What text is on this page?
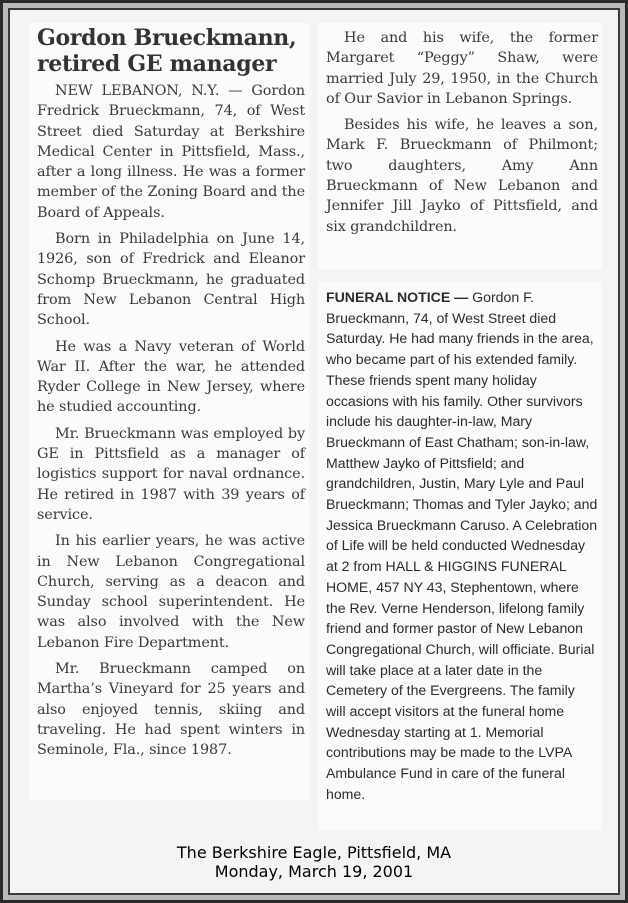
Gordon Brueckmann, retired GE manager

NEW LEBANON, N.Y. — Gordon Fredrick Brueckmann, 74, of West Street died Saturday at Berkshire Medical Center in Pittsfield, Mass., after a long illness. He was a former member of the Zoning Board and the Board of Appeals.

Born in Philadelphia on June 14, 1926, son of Fredrick and Eleanor Schomp Brueckmann, he graduated from New Lebanon Central High School.

He was a Navy veteran of World War II. After the war, he attended Ryder College in New Jersey, where he studied accounting.

Mr. Brueckmann was employed by GE in Pittsfield as a manager of logistics support for naval ordnance. He retired in 1987 with 39 years of service.

In his earlier years, he was active in New Lebanon Congregational Church, serving as a deacon and Sunday school superintendent. He was also involved with the New Lebanon Fire Department.

Mr. Brueckmann camped on Martha’s Vineyard for 25 years and also enjoyed tennis, skiing and traveling. He had spent winters in Seminole, Fla., since 1987.

He and his wife, the former Margaret “Peggy” Shaw, were married July 29, 1950, in the Church of Our Savior in Lebanon Springs.

Besides his wife, he leaves a son, Mark F. Brueckmann of Philmont; two daughters, Amy Ann Brueckmann of New Lebanon and Jennifer Jill Jayko of Pittsfield, and six grandchildren.

FUNERAL NOTICE — Gordon F. Brueckmann, 74, of West Street died Saturday. He had many friends in the area, who became part of his extended family. These friends spent many holiday occasions with his family. Other survivors include his daughter-in-law, Mary Brueckmann of East Chatham; son-in-law, Matthew Jayko of Pittsfield; and grandchildren, Justin, Mary Lyle and Paul Brueckmann; Thomas and Tyler Jayko; and Jessica Brueckmann Caruso. A Celebration of Life will be held conducted Wednesday at 2 from HALL & HIGGINS FUNERAL HOME, 457 NY 43, Stephentown, where the Rev. Verne Henderson, lifelong family friend and former pastor of New Lebanon Congregational Church, will officiate. Burial will take place at a later date in the Cemetery of the Evergreens. The family will accept visitors at the funeral home Wednesday starting at 1. Memorial contributions may be made to the LVPA Ambulance Fund in care of the funeral home.

The Berkshire Eagle, Pittsfield, MA
Monday, March 19, 2001
